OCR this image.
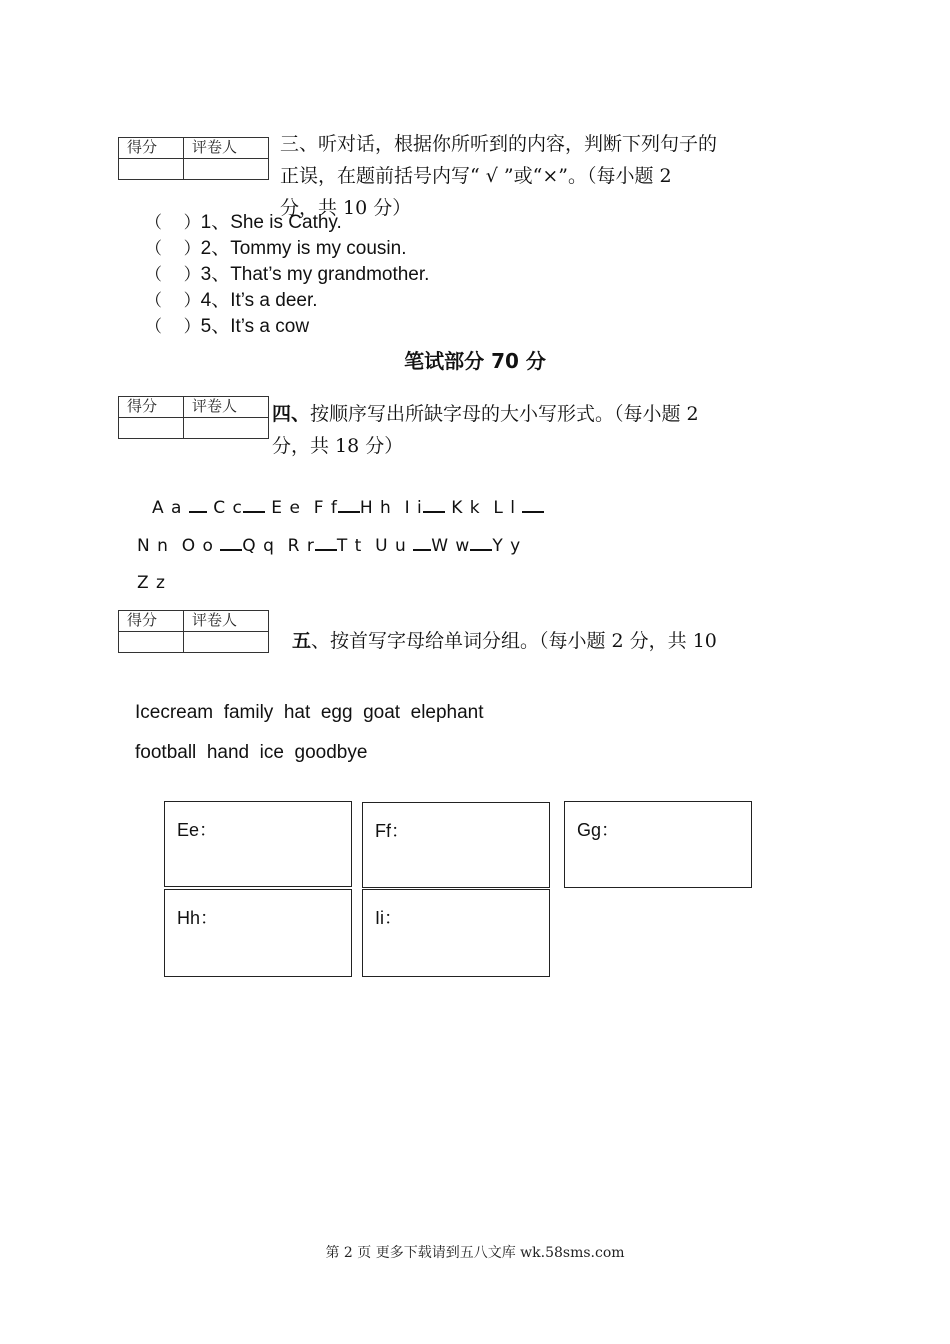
得分	评卷人
	三、听对话，根据你所听到的内容，判断下列句子的
正误，在题前括号内写“ √ ”或“×”。（每小题 2
分，共 10 分）
（    ）1、She is Cathy.
（    ）2、Tommy is my cousin.
（    ）3、That’s my grandmother.
（    ）4、It’s a deer.
（    ）5、It’s a cow
笔试部分 70 分
得分	评卷人
	四、按顺序写出所缺字母的大小写形式。（每小题 2
分，共 18 分）
A a  C c E e  F f H h  I i K k  L l
N n  O o Q q  R r T t  U u W w Y y
Z z
得分	评卷人

五、按首写字母给单词分组。（每小题 2 分，共 10
Icecream  family  hat  egg  goat  elephant
football  hand  ice  goodbye
Ee：	Ff：	Gg：
Hh：	Ii：
第 2 页 更多下载请到五八文库 wk.58sms.com
